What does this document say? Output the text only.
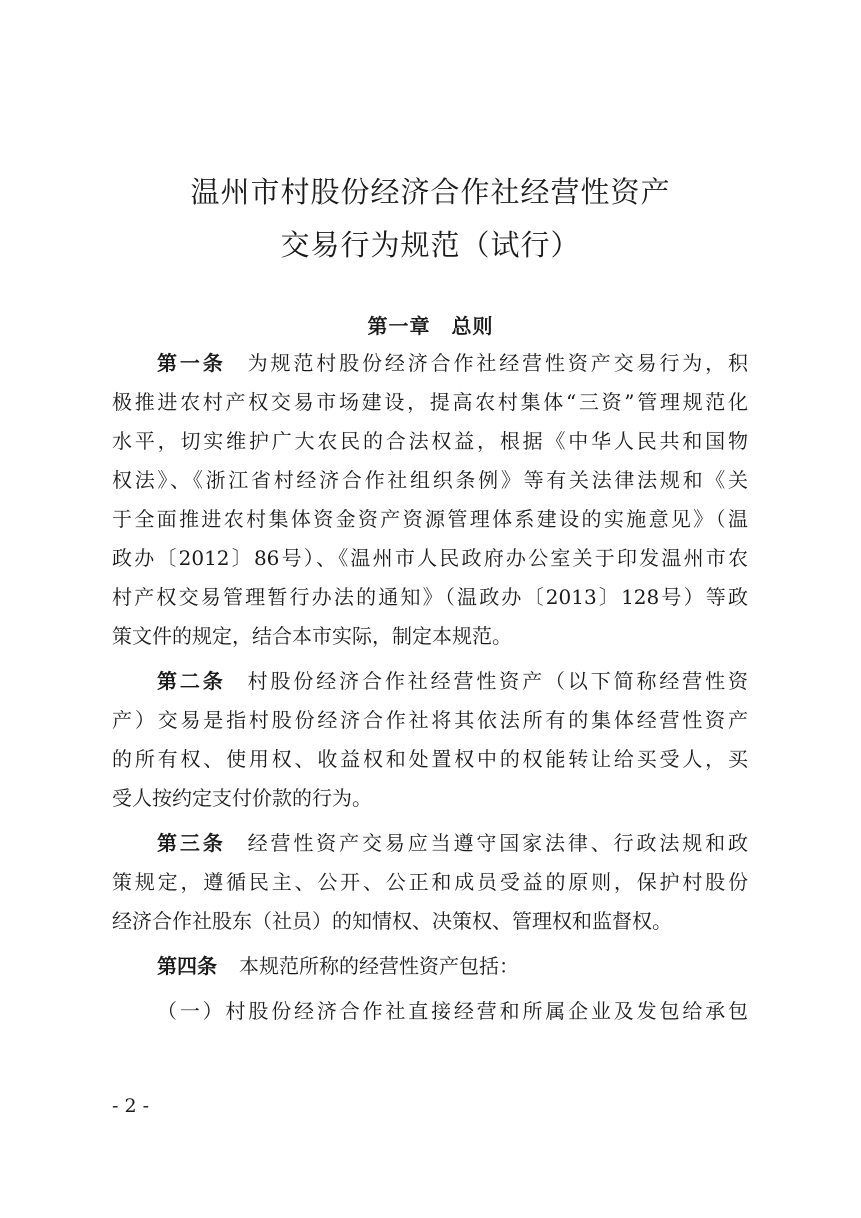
温州市村股份经济合作社经营性资产
交易行为规范（试行）
第一章　总则
第一条 为规范村股份经济合作社经营性资产交易行为，积
极推进农村产权交易市场建设，提高农村集体“三资”管理规范化
水平，切实维护广大农民的合法权益，根据《中华人民共和国物
权法》、《浙江省村经济合作社组织条例》等有关法律法规和《关
于全面推进农村集体资金资产资源管理体系建设的实施意见》（温
政办〔2012〕86号）、《温州市人民政府办公室关于印发温州市农
村产权交易管理暂行办法的通知》（温政办〔2013〕128号）等政
策文件的规定，结合本市实际，制定本规范。
第二条 村股份经济合作社经营性资产（以下简称经营性资
产）交易是指村股份经济合作社将其依法所有的集体经营性资产
的所有权、使用权、收益权和处置权中的权能转让给买受人，买
受人按约定支付价款的行为。
第三条 经营性资产交易应当遵守国家法律、行政法规和政
策规定，遵循民主、公开、公正和成员受益的原则，保护村股份
经济合作社股东（社员）的知情权、决策权、管理权和监督权。
第四条 本规范所称的经营性资产包括：
（一）村股份经济合作社直接经营和所属企业及发包给承包
- 2 -
